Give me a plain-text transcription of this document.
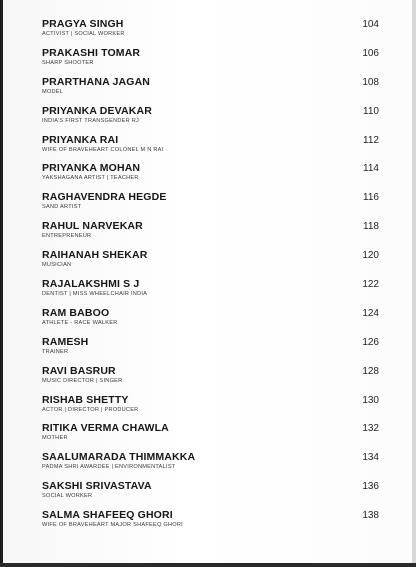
PRAGYA SINGH
ACTIVIST | SOCIAL WORKER
104
PRAKASHI TOMAR
SHARP SHOOTER
106
PRARTHANA JAGAN
MODEL
108
PRIYANKA DEVAKAR
INDIA'S FIRST TRANSGENDER RJ
110
PRIYANKA RAI
WIFE OF BRAVEHEART COLONEL M N RAI
112
PRIYANKA MOHAN
YAKSHAGANA ARTIST | TEACHER
114
RAGHAVENDRA HEGDE
SAND ARTIST
116
RAHUL NARVEKAR
ENTREPRENEUR
118
RAIHANAH SHEKAR
MUSICIAN
120
RAJALAKSHMI S J
DENTIST | MISS WHEELCHAIR INDIA
122
RAM BABOO
ATHLETE - RACE WALKER
124
RAMESH
TRAINER
126
RAVI BASRUR
MUSIC DIRECTOR | SINGER
128
RISHAB SHETTY
ACTOR | DIRECTOR | PRODUCER
130
RITIKA VERMA CHAWLA
MOTHER
132
SAALUMARADA THIMMAKKA
PADMA SHRI AWARDEE | ENVIRONMENTALIST
134
SAKSHI SRIVASTAVA
SOCIAL WORKER
136
SALMA SHAFEEQ GHORI
WIFE OF BRAVEHEART MAJOR SHAFEEQ GHORI
138
